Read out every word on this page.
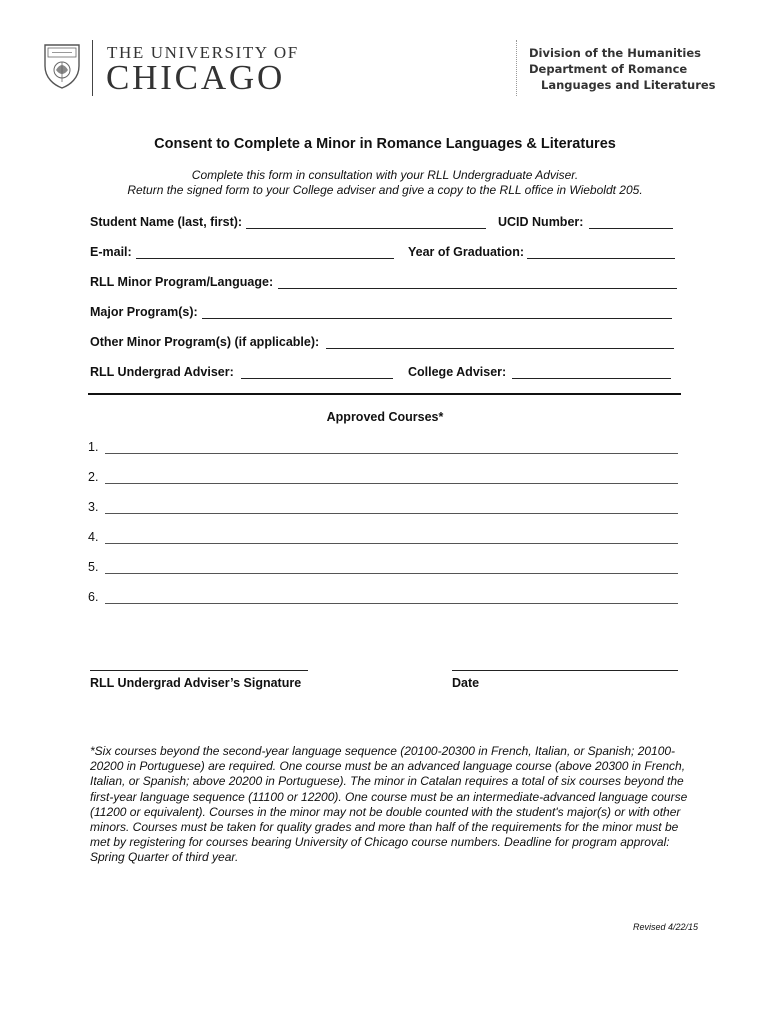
THE UNIVERSITY OF
CHICAGO
Division of the Humanities
Department of Romance
Languages and Literatures
Consent to Complete a Minor in Romance Languages & Literatures
Complete this form in consultation with your RLL Undergraduate Adviser.
Return the signed form to your College adviser and give a copy to the RLL office in Wieboldt 205.
Student Name (last, first):	UCID Number:
E-mail:	Year of Graduation:
RLL Minor Program/Language:
Major Program(s):
Other Minor Program(s) (if applicable):
RLL Undergrad Adviser:	College Adviser:
Approved Courses*
1.
2.
3.
4.
5.
6.
RLL Undergrad Adviser’s Signature	Date
*Six courses beyond the second-year language sequence (20100-20300 in French, Italian, or Spanish; 20100-20200 in Portuguese) are required. One course must be an advanced language course (above 20300 in French, Italian, or Spanish; above 20200 in Portuguese). The minor in Catalan requires a total of six courses beyond the first-year language sequence (11100 or 12200). One course must be an intermediate-advanced language course (11200 or equivalent). Courses in the minor may not be double counted with the student's major(s) or with other minors. Courses must be taken for quality grades and more than half of the requirements for the minor must be met by registering for courses bearing University of Chicago course numbers. Deadline for program approval: Spring Quarter of third year.
Revised 4/22/15
